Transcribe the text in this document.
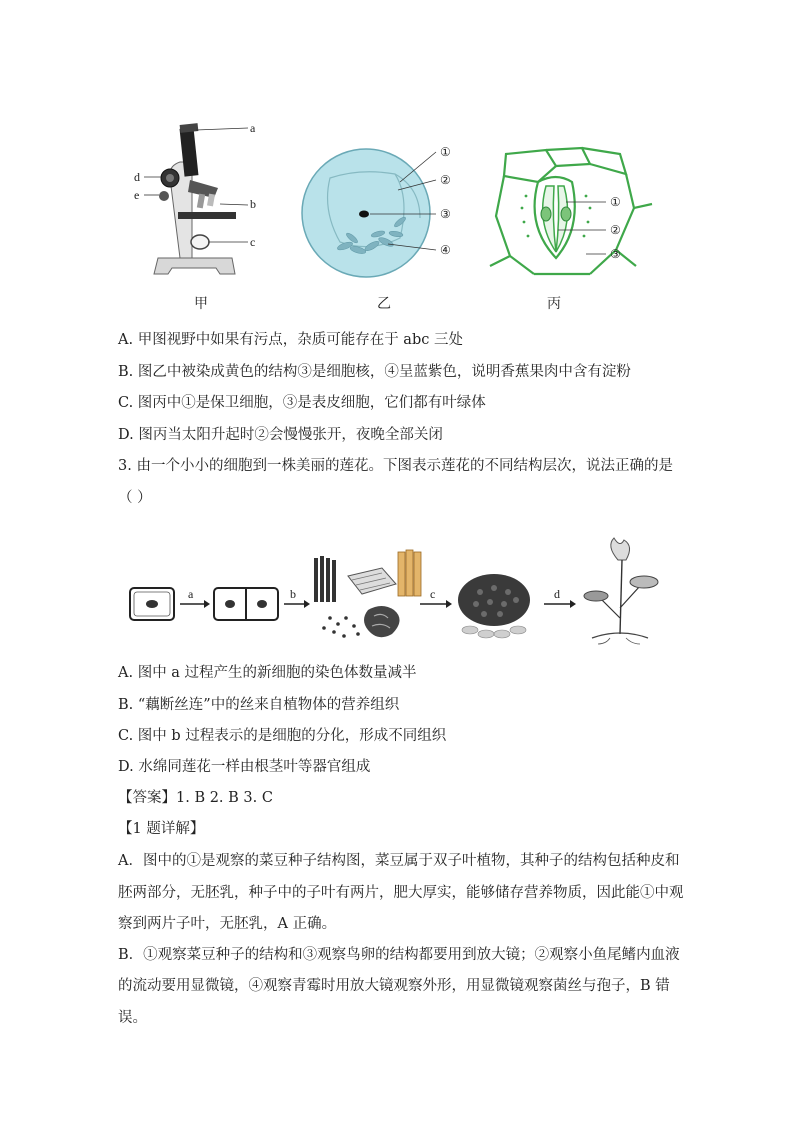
a
b
c
d
e
甲
①
②
③
④
乙
①
②
③
丙
A. 甲图视野中如果有污点，杂质可能存在于 abc 三处
B. 图乙中被染成黄色的结构③是细胞核，④呈蓝紫色，说明香蕉果肉中含有淀粉
C. 图丙中①是保卫细胞，③是表皮细胞，它们都有叶绿体
D. 图丙当太阳升起时②会慢慢张开，夜晚全部关闭
3. 由一个小小的细胞到一株美丽的莲花。下图表示莲花的不同结构层次，说法正确的是
（ ）
a	b	c	d
A. 图中 a 过程产生的新细胞的染色体数量减半
B. “藕断丝连”中的丝来自植物体的营养组织
C. 图中 b 过程表示的是细胞的分化，形成不同组织
D. 水绵同莲花一样由根茎叶等器官组成
【答案】1. B 2. B 3. C
【1 题详解】
A．图中的①是观察的菜豆种子结构图，菜豆属于双子叶植物，其种子的结构包括种皮和
胚两部分，无胚乳，种子中的子叶有两片，肥大厚实，能够储存营养物质，因此能①中观
察到两片子叶，无胚乳，A 正确。
B．①观察菜豆种子的结构和③观察鸟卵的结构都要用到放大镜；②观察小鱼尾鳍内血液
的流动要用显微镜，④观察青霉时用放大镜观察外形，用显微镜观察菌丝与孢子，B 错
误。
